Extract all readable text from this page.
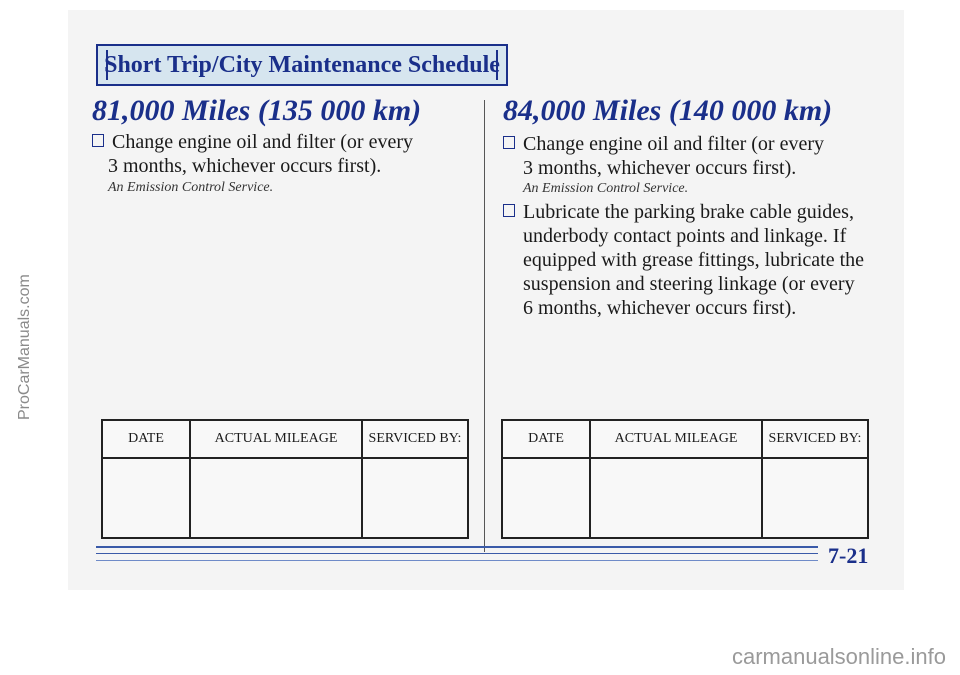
ProCarManuals.com
Short Trip/City Maintenance Schedule
81,000 Miles (135 000 km)
Change engine oil and filter (or every
3 months, whichever occurs first).
An Emission Control Service.
DATE	ACTUAL MILEAGE	SERVICED BY:

84,000 Miles (140 000 km)
Change engine oil and filter (or every
3 months, whichever occurs first).
An Emission Control Service.
Lubricate the parking brake cable guides,
underbody contact points and linkage. If
equipped with grease fittings, lubricate the
suspension and steering linkage (or every
6 months, whichever occurs first).
DATE	ACTUAL MILEAGE	SERVICED BY:

7-21
carmanualsonline.info
